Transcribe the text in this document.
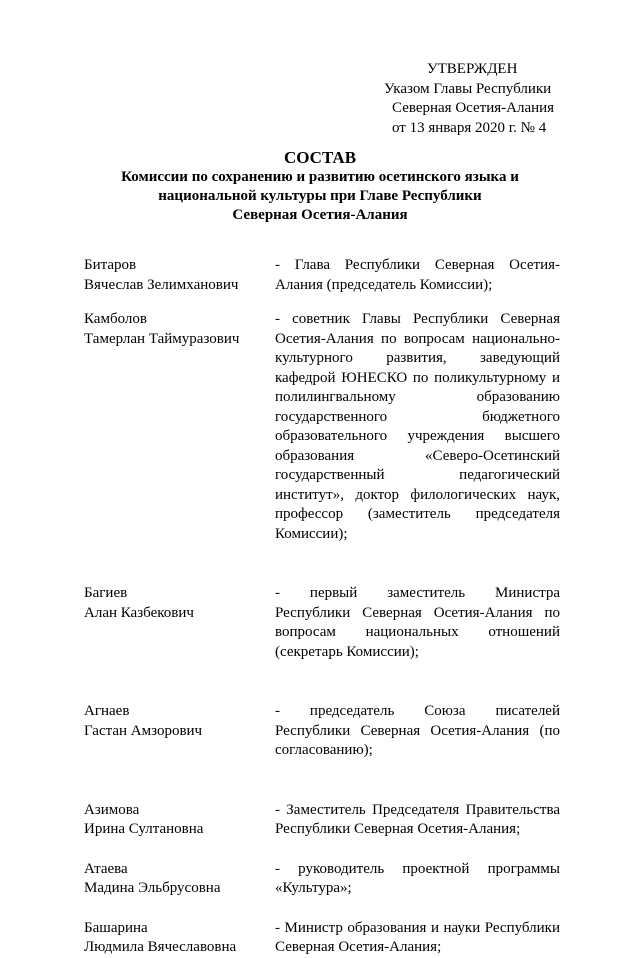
УТВЕРЖДЕН
Указом Главы Республики
Северная Осетия-Алания
от 13 января 2020 г. № 4
СОСТАВ
Комиссии по сохранению и развитию осетинского языка и
национальной культуры при Главе Республики
Северная Осетия-Алания
Битаров
Вячеслав Зелимханович
- Глава Республики Северная Осетия-
Алания (председатель Комиссии);
Камболов
Тамерлан Таймуразович
- советник Главы Республики Северная
Осетия-Алания по вопросам национально-
культурного развития, заведующий
кафедрой ЮНЕСКО по поликультурному и
полилингвальному образованию
государственного бюджетного
образовательного учреждения высшего
образования «Северо-Осетинский
государственный педагогический
институт», доктор филологических наук,
профессор (заместитель председателя
Комиссии);
Багиев
Алан Казбекович
- первый заместитель Министра
Республики Северная Осетия-Алания по
вопросам национальных отношений
(секретарь Комиссии);
Агнаев
Гастан Амзорович
- председатель Союза писателей
Республики Северная Осетия-Алания (по
согласованию);
Азимова
Ирина Султановна
- Заместитель Председателя Правительства
Республики Северная Осетия-Алания;
Атаева
Мадина Эльбрусовна
- руководитель проектной программы
«Культура»;
Башарина
Людмила Вячеславовна
- Министр образования и науки Республики
Северная Осетия-Алания;
